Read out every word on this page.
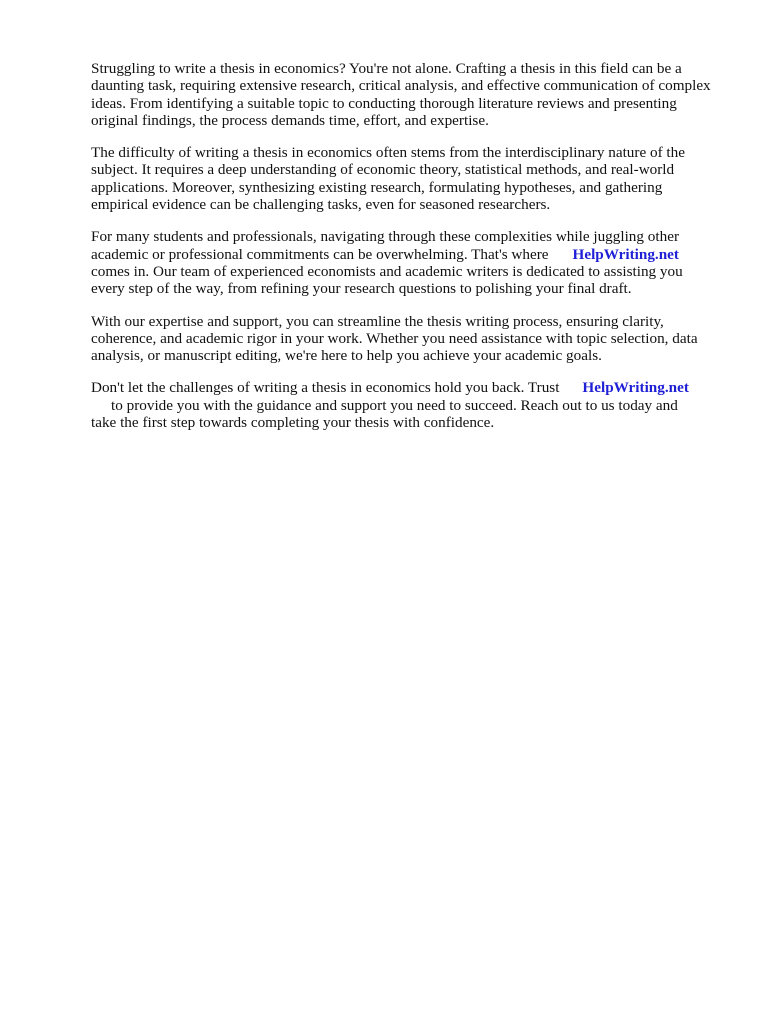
Struggling to write a thesis in economics? You're not alone. Crafting a thesis in this field can be a
daunting task, requiring extensive research, critical analysis, and effective communication of complex
ideas. From identifying a suitable topic to conducting thorough literature reviews and presenting
original findings, the process demands time, effort, and expertise.

The difficulty of writing a thesis in economics often stems from the interdisciplinary nature of the
subject. It requires a deep understanding of economic theory, statistical methods, and real-world
applications. Moreover, synthesizing existing research, formulating hypotheses, and gathering
empirical evidence can be challenging tasks, even for seasoned researchers.

For many students and professionals, navigating through these complexities while juggling other
academic or professional commitments can be overwhelming. That's where HelpWriting.net
comes in. Our team of experienced economists and academic writers is dedicated to assisting you
every step of the way, from refining your research questions to polishing your final draft.

With our expertise and support, you can streamline the thesis writing process, ensuring clarity,
coherence, and academic rigor in your work. Whether you need assistance with topic selection, data
analysis, or manuscript editing, we're here to help you achieve your academic goals.

Don't let the challenges of writing a thesis in economics hold you back. Trust HelpWriting.net
to provide you with the guidance and support you need to succeed. Reach out to us today and
take the first step towards completing your thesis with confidence.
